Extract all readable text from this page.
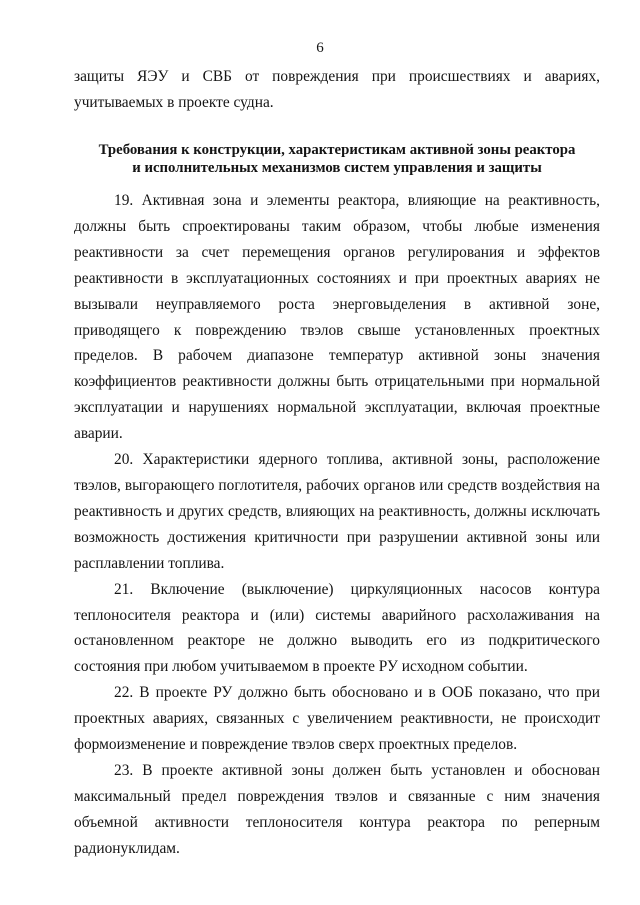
6

защиты ЯЭУ и СВБ от повреждения при происшествиях и авариях, учитываемых в проекте судна.

Требования к конструкции, характеристикам активной зоны реактора
и исполнительных механизмов систем управления и защиты

19. Активная зона и элементы реактора, влияющие на реактивность, должны быть спроектированы таким образом, чтобы любые изменения реактивности за счет перемещения органов регулирования и эффектов реактивности в эксплуатационных состояниях и при проектных авариях не вызывали неуправляемого роста энерговыделения в активной зоне, приводящего к повреждению твэлов свыше установленных проектных пределов. В рабочем диапазоне температур активной зоны значения коэффициентов реактивности должны быть отрицательными при нормальной эксплуатации и нарушениях нормальной эксплуатации, включая проектные аварии.

20. Характеристики ядерного топлива, активной зоны, расположение твэлов, выгорающего поглотителя, рабочих органов или средств воздействия на реактивность и других средств, влияющих на реактивность, должны исключать возможность достижения критичности при разрушении активной зоны или расплавлении топлива.

21. Включение (выключение) циркуляционных насосов контура теплоносителя реактора и (или) системы аварийного расхолаживания на остановленном реакторе не должно выводить его из подкритического состояния при любом учитываемом в проекте РУ исходном событии.

22. В проекте РУ должно быть обосновано и в ООБ показано, что при проектных авариях, связанных с увеличением реактивности, не происходит формоизменение и повреждение твэлов сверх проектных пределов.

23. В проекте активной зоны должен быть установлен и обоснован максимальный предел повреждения твэлов и связанные с ним значения объемной активности теплоносителя контура реактора по реперным радионуклидам.
